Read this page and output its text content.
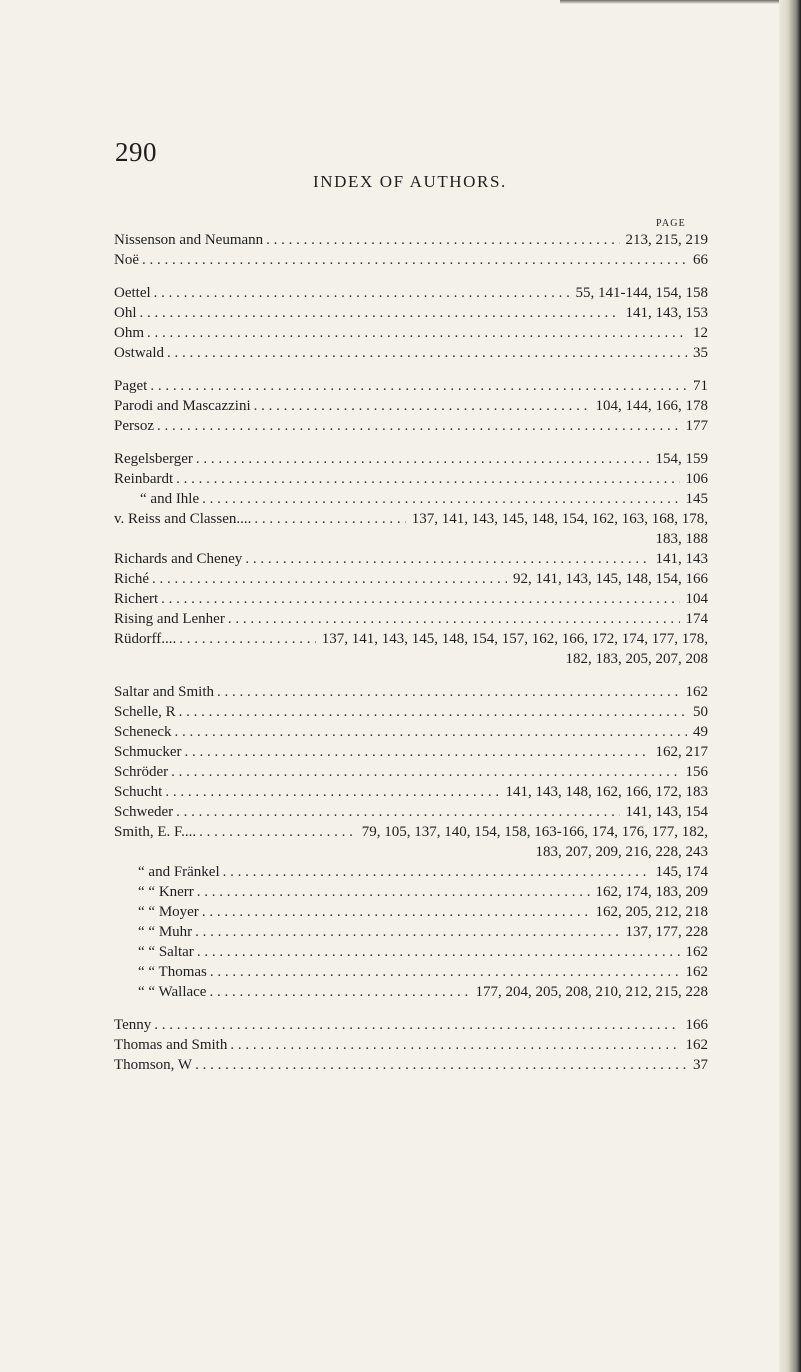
290
INDEX OF AUTHORS.
PAGE
Nissenson and Neumann . . .	213, 215, 219
Noë . . .	66
Oettel . . .	55, 141-144, 154, 158
Ohl . . .	141, 143, 153
Ohm . . .	12
Ostwald . . .	35
Paget . . .	71
Parodi and Mascazzini . . .	104, 144, 166, 178
Persoz . . .	177
Regelsberger . . .	154, 159
Reinbardt . . .	106
“ and Ihle . . .	145
v. Reiss and Classen.... . . .	137, 141, 143, 145, 148, 154, 162, 163, 168, 178,
183, 188
Richards and Cheney . . .	141, 143
Riché . . .	92, 141, 143, 145, 148, 154, 166
Richert . . .	104
Rising and Lenher . . .	174
Rüdorff.... . . .	137, 141, 143, 145, 148, 154, 157, 162, 166, 172, 174, 177, 178,
182, 183, 205, 207, 208
Saltar and Smith . . .	162
Schelle, R . . .	50
Scheneck . . .	49
Schmucker . . .	162, 217
Schröder . . .	156
Schucht . . .	141, 143, 148, 162, 166, 172, 183
Schweder . . .	141, 143, 154
Smith, E. F.... . . .	79, 105, 137, 140, 154, 158, 163-166, 174, 176, 177, 182,
183, 207, 209, 216, 228, 243
“ and Fränkel . . .	145, 174
“ “ Knerr . . .	162, 174, 183, 209
“ “ Moyer . . .	162, 205, 212, 218
“ “ Muhr . . .	137, 177, 228
“ “ Saltar . . .	162
“ “ Thomas . . .	162
“ “ Wallace . . .	177, 204, 205, 208, 210, 212, 215, 228
Tenny . . .	166
Thomas and Smith . . .	162
Thomson, W . . .	37
